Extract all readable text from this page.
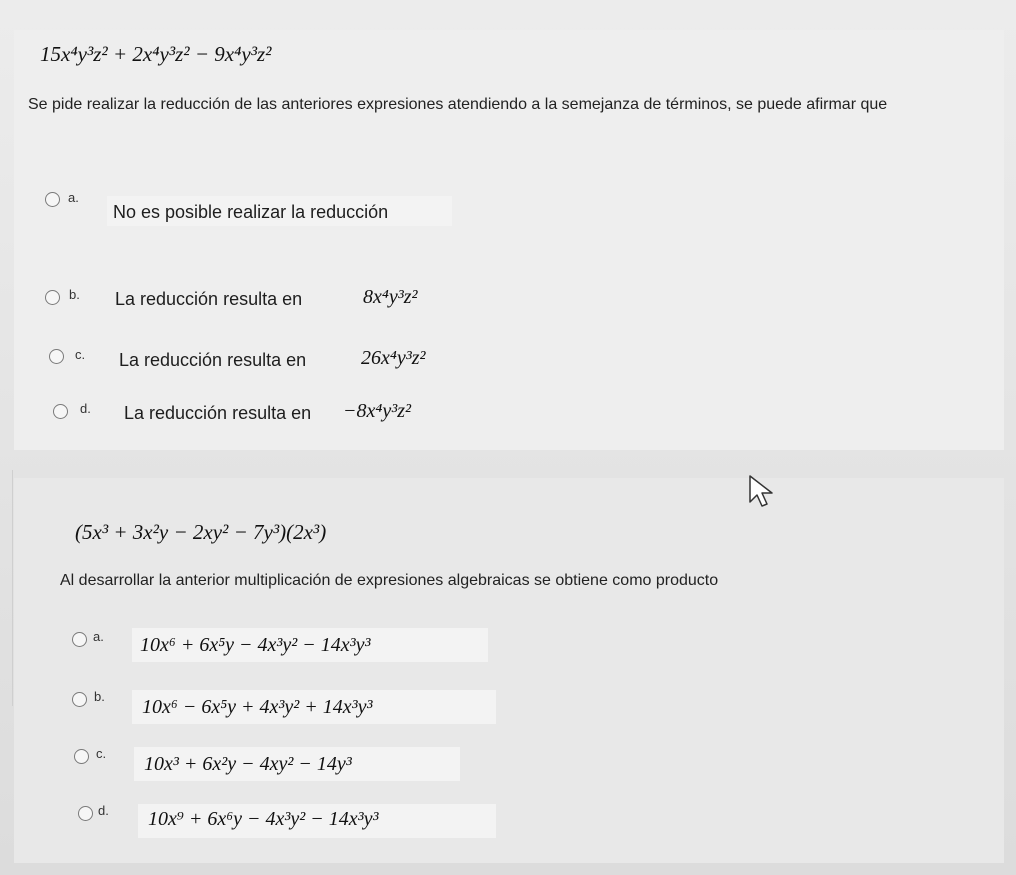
15x⁴y³z² + 2x⁴y³z² − 9x⁴y³z²
Se pide realizar la reducción de las anteriores expresiones atendiendo a la semejanza de términos, se puede afirmar que
a.
No es posible realizar la reducción
b. La reducción resulta en	8x⁴y³z²
c. La reducción resulta en	26x⁴y³z²
d. La reducción resulta en −8x⁴y³z²
(5x³ + 3x²y − 2xy² − 7y³)(2x³)
Al desarrollar la anterior multiplicación de expresiones algebraicas se obtiene como producto
a. 10x⁶ + 6x⁵y − 4x³y² − 14x³y³
b. 10x⁶ − 6x⁵y + 4x³y² + 14x³y³
c. 10x³ + 6x²y − 4xy² − 14y³
d. 10x⁹ + 6x⁶y − 4x³y² − 14x³y³
